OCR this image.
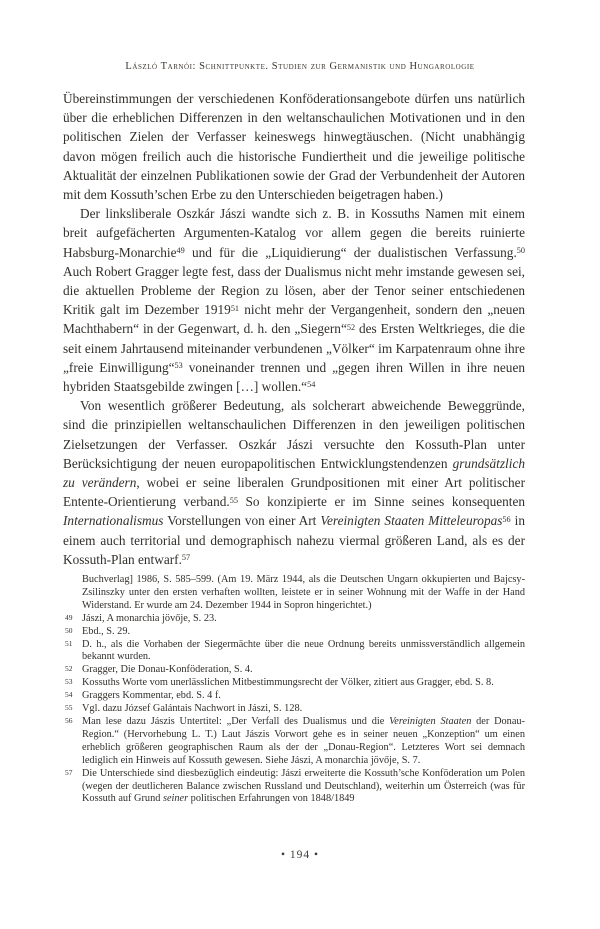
László Tarnói: Schnittpunkte. Studien zur Germanistik und Hungarologie

Übereinstimmungen der verschiedenen Konföderationsangebote dürfen uns natürlich über die erheblichen Differenzen in den weltanschaulichen Motivationen und in den politischen Zielen der Verfasser keineswegs hinwegtäuschen. (Nicht unabhängig davon mögen freilich auch die historische Fundiertheit und die jeweilige politische Aktualität der einzelnen Publikationen sowie der Grad der Verbundenheit der Autoren mit dem Kossuth’schen Erbe zu den Unterschieden beigetragen haben.)

Der linksliberale Oszkár Jászi wandte sich z. B. in Kossuths Namen mit einem breit aufgefächerten Argumenten-Katalog vor allem gegen die bereits ruinierte Habsburg-Monarchie$^{49}$ und für die „Liquidierung“ der dualistischen Verfassung.$^{50}$ Auch Robert Gragger legte fest, dass der Dualismus nicht mehr imstande gewesen sei, die aktuellen Probleme der Region zu lösen, aber der Tenor seiner entschiedenen Kritik galt im Dezember 1919$^{51}$ nicht mehr der Vergangenheit, sondern den „neuen Machthabern“ in der Gegenwart, d. h. den „Siegern“$^{52}$ des Ersten Weltkrieges, die die seit einem Jahrtausend miteinander verbundenen „Völker“ im Karpatenraum ohne ihre „freie Einwilligung“$^{53}$ voneinander trennen und „gegen ihren Willen in ihre neuen hybriden Staatsgebilde zwingen […] wollen.“$^{54}$

Von wesentlich größerer Bedeutung, als solcherart abweichende Beweggründe, sind die prinzipiellen weltanschaulichen Differenzen in den jeweiligen politischen Zielsetzungen der Verfasser. Oszkár Jászi versuchte den Kossuth-Plan unter Berücksichtigung der neuen europapolitischen Entwicklungstendenzen grundsätzlich zu verändern, wobei er seine liberalen Grundpositionen mit einer Art politischer Entente-Orientierung verband.$^{55}$ So konzipierte er im Sinne seines konsequenten Internationalismus Vorstellungen von einer Art Vereinigten Staaten Mitteleuropas$^{56}$ in einem auch territorial und demographisch nahezu viermal größeren Land, als es der Kossuth-Plan entwarf.$^{57}$

Buchverlag] 1986, S. 585–599. (Am 19. März 1944, als die Deutschen Ungarn okkupierten und Bajcsy-Zsilinszky unter den ersten verhaften wollten, leistete er in seiner Wohnung mit der Waffe in der Hand Widerstand. Er wurde am 24. Dezember 1944 in Sopron hingerichtet.)
49 Jászi, A monarchia jövője, S. 23.
50 Ebd., S. 29.
51 D. h., als die Vorhaben der Siegermächte über die neue Ordnung bereits unmissverständlich allgemein bekannt wurden.
52 Gragger, Die Donau-Konföderation, S. 4.
53 Kossuths Worte vom unerlässlichen Mitbestimmungsrecht der Völker, zitiert aus Gragger, ebd. S. 8.
54 Graggers Kommentar, ebd. S. 4 f.
55 Vgl. dazu József Galántais Nachwort in Jászi, S. 128.
56 Man lese dazu Jászis Untertitel: „Der Verfall des Dualismus und die Vereinigten Staaten der Donau-Region.“ (Hervorhebung L. T.) Laut Jászis Vorwort gehe es in seiner neuen „Konzeption“ um einen erheblich größeren geographischen Raum als der der „Donau-Region“. Letzteres Wort sei demnach lediglich ein Hinweis auf Kossuth gewesen. Siehe Jászi, A monarchia jövője, S. 7.
57 Die Unterschiede sind diesbezüglich eindeutig: Jászi erweiterte die Kossuth’sche Konföderation um Polen (wegen der deutlicheren Balance zwischen Russland und Deutschland), weiterhin um Österreich (was für Kossuth auf Grund seiner politischen Erfahrungen von 1848/1849
• 194 •
